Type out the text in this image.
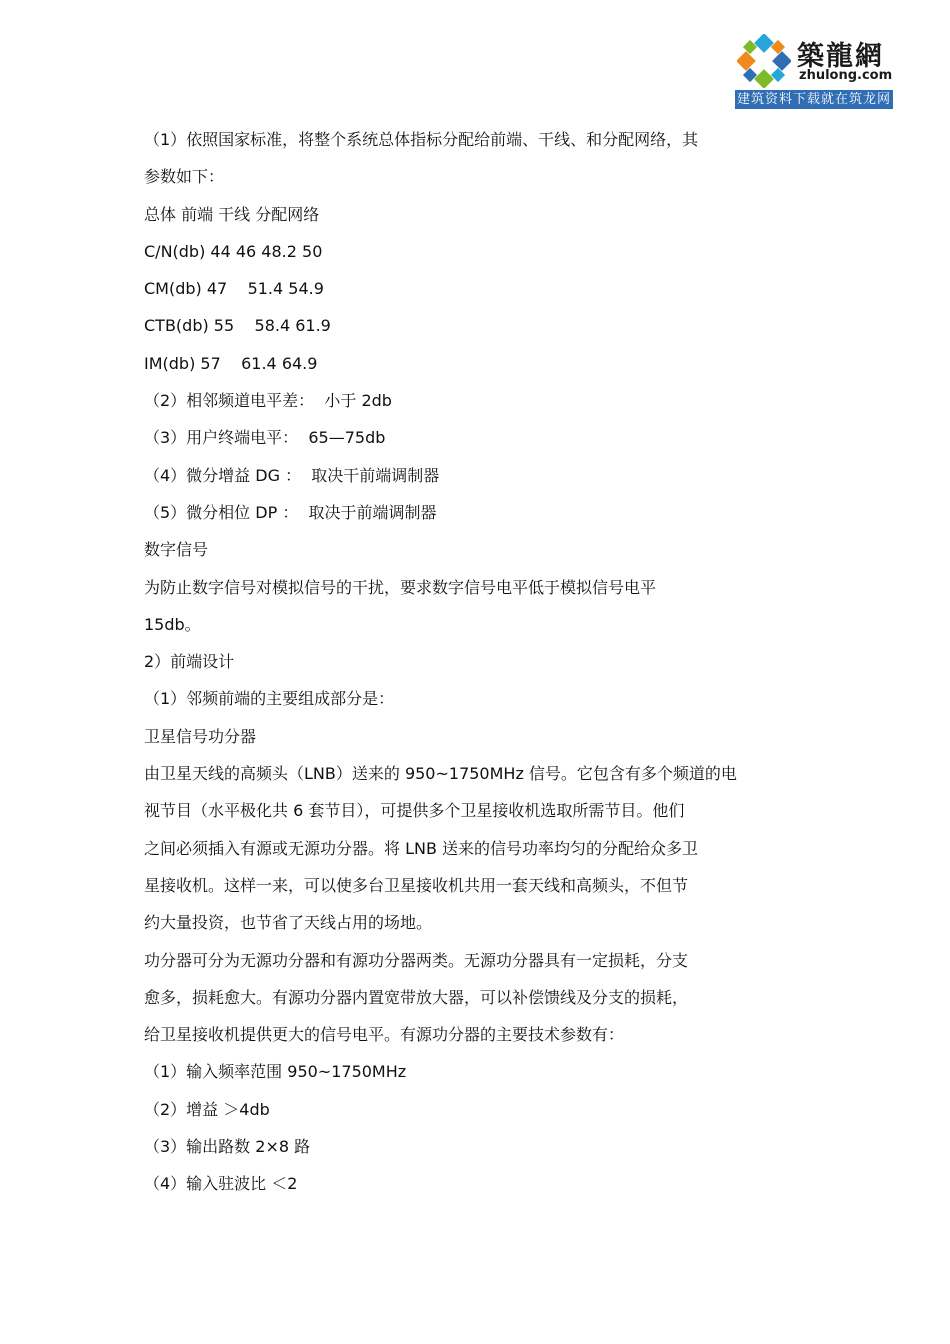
築龍網
zhulong.com
建筑资料下载就在筑龙网
（1）依照国家标准，将整个系统总体指标分配给前端、干线、和分配网络，其
参数如下：
总体 前端 干线 分配网络
C/N(db) 44 46 48.2 50
CM(db) 47    51.4 54.9
CTB(db) 55    58.4 61.9
IM(db) 57    61.4 64.9
（2）相邻频道电平差：  小于 2db
（3）用户终端电平：  65—75db
（4）微分增益 DG ：  取决干前端调制器
（5）微分相位 DP ：  取决于前端调制器
数字信号
为防止数字信号对模拟信号的干扰，要求数字信号电平低于模拟信号电平
15db。
2）前端设计
（1）邻频前端的主要组成部分是：
卫星信号功分器
由卫星天线的高频头（LNB）送来的 950~1750MHz 信号。它包含有多个频道的电
视节目（水平极化共 6 套节目），可提供多个卫星接收机选取所需节目。他们
之间必须插入有源或无源功分器。将 LNB 送来的信号功率均匀的分配给众多卫
星接收机。这样一来，可以使多台卫星接收机共用一套天线和高频头，不但节
约大量投资，也节省了天线占用的场地。
功分器可分为无源功分器和有源功分器两类。无源功分器具有一定损耗，分支
愈多，损耗愈大。有源功分器内置宽带放大器，可以补偿馈线及分支的损耗，
给卫星接收机提供更大的信号电平。有源功分器的主要技术参数有：
（1）输入频率范围 950~1750MHz
（2）增益 ＞4db
（3）输出路数 2×8 路
（4）输入驻波比 ＜2
